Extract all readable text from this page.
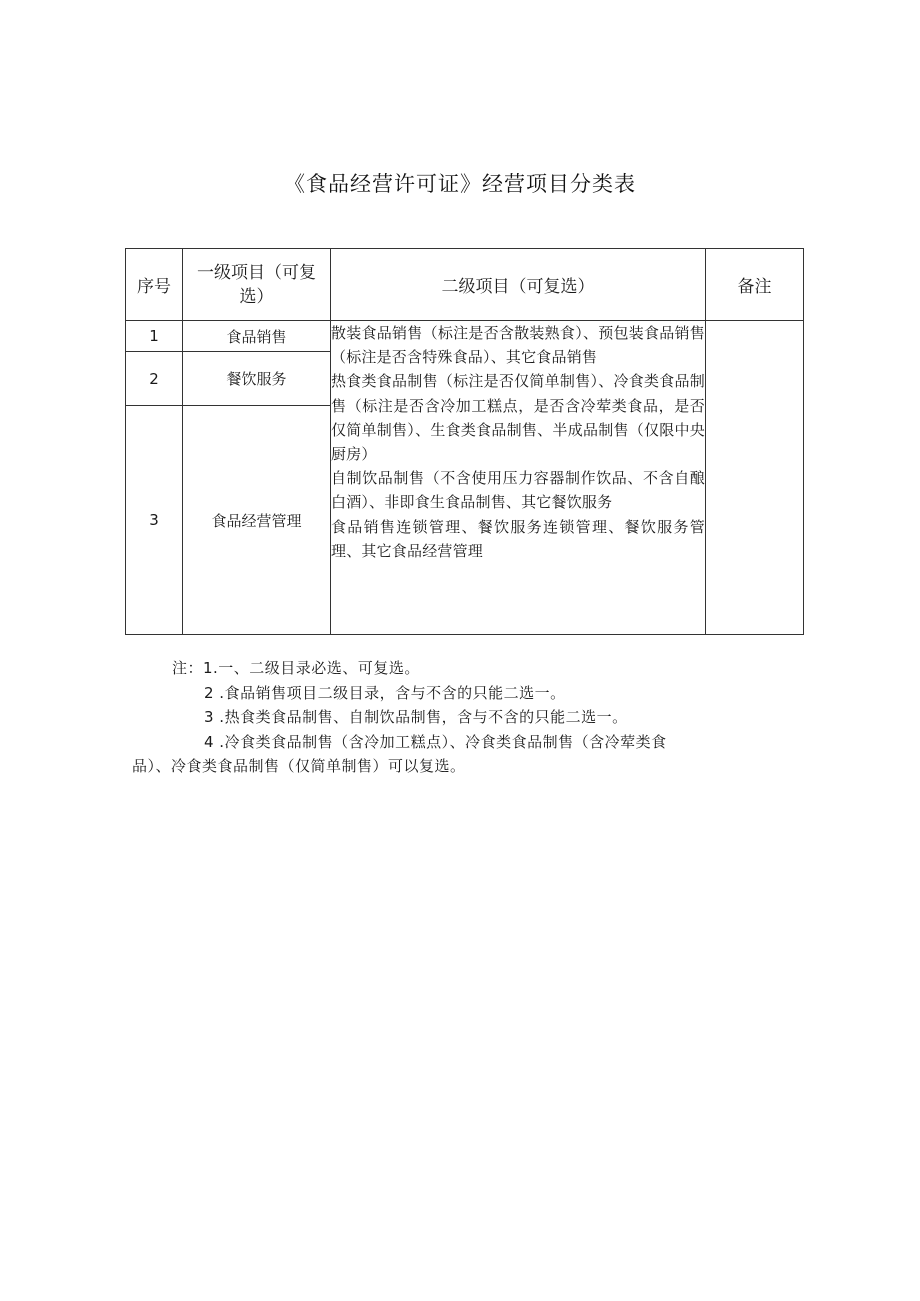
《食品经营许可证》经营项目分类表
序号	一级项目（可复选）	二级项目（可复选）	备注
1	食品销售	散装食品销售（标注是否含散装熟食）、预包装食品销售（标注是否含特殊食品）、其它食品销售
热食类食品制售（标注是否仅简单制售）、冷食类食品制售（标注是否含冷加工糕点，是否含冷荤类食品，是否仅简单制售）、生食类食品制售、半成品制售（仅限中央厨房）
自制饮品制售（不含使用压力容器制作饮品、不含自酿白酒）、非即食生食品制售、其它餐饮服务
食品销售连锁管理、餐饮服务连锁管理、餐饮服务管理、其它食品经营管理	

2	餐饮服务		
3	食品经营管理		
注：1.一、二级目录必选、可复选。
2 .食品销售项目二级目录，含与不含的只能二选一。
3 .热食类食品制售、自制饮品制售，含与不含的只能二选一。
4 .冷食类食品制售（含冷加工糕点）、冷食类食品制售（含冷荤类食
品）、冷食类食品制售（仅简单制售）可以复选。
